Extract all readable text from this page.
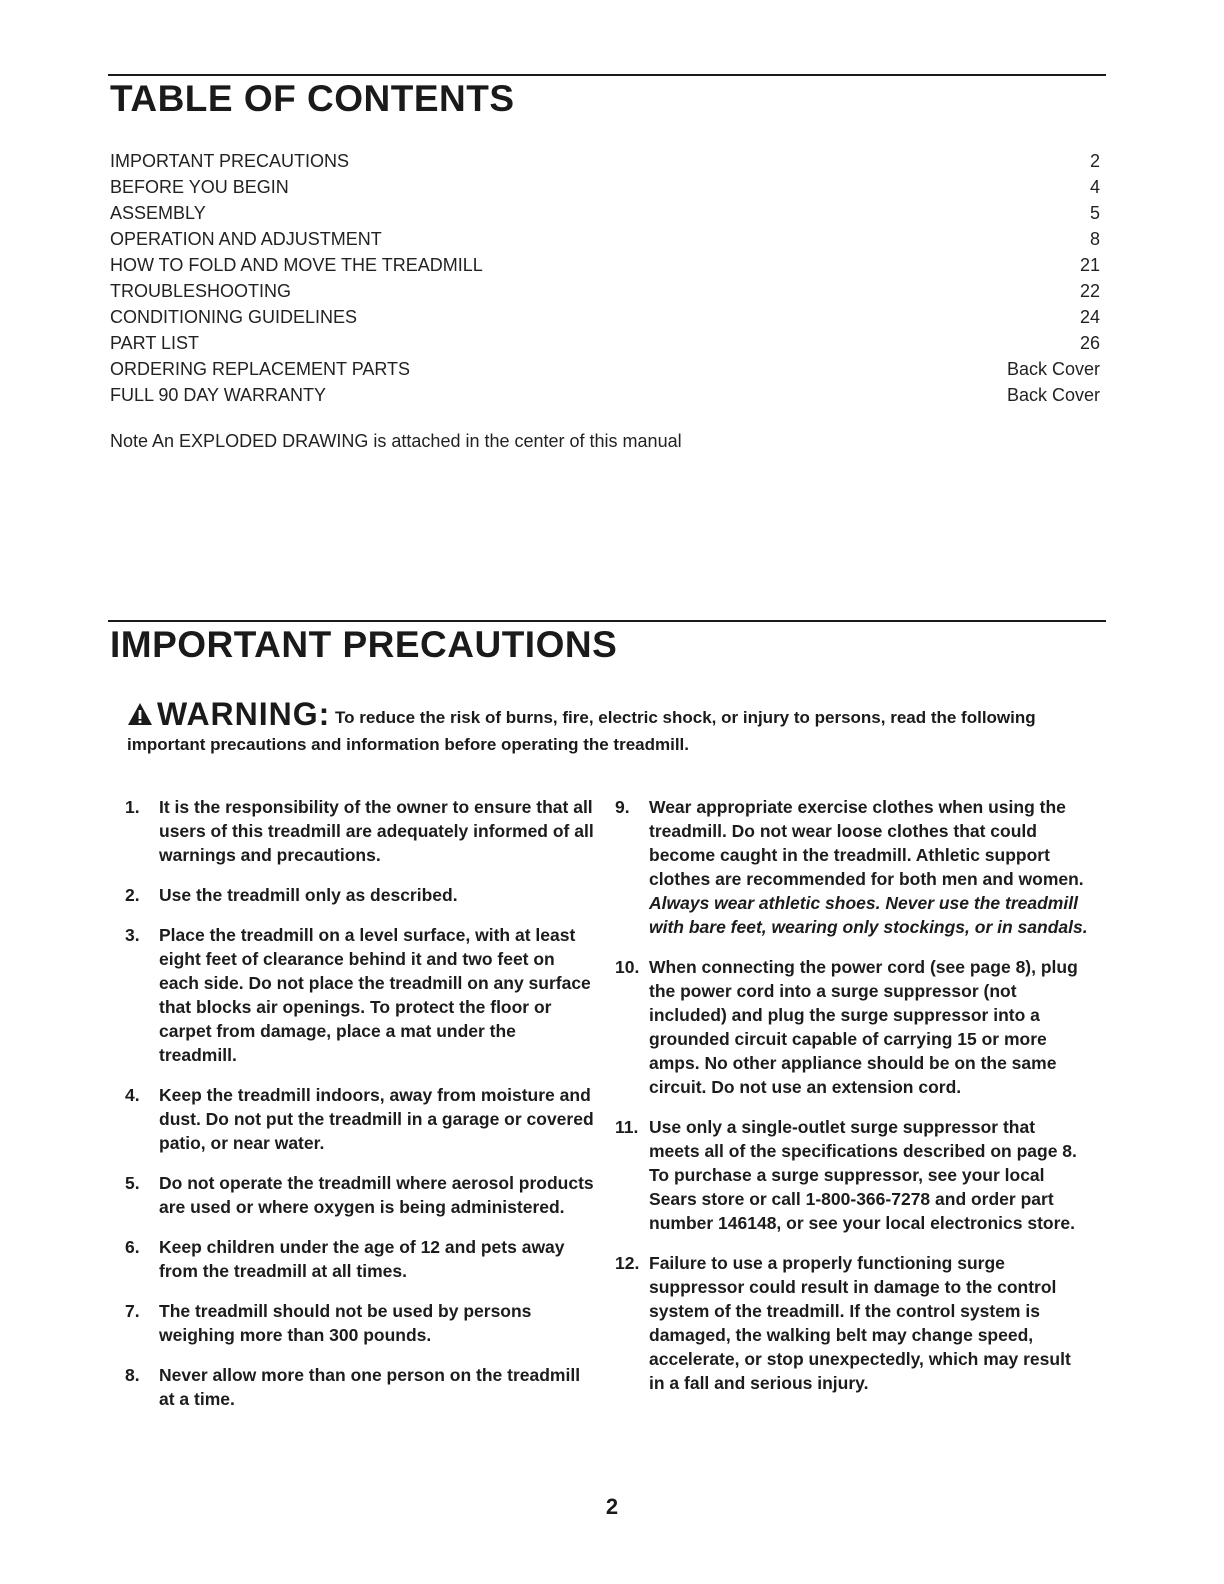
TABLE OF CONTENTS
IMPORTANT PRECAUTIONS	2
BEFORE YOU BEGIN	4
ASSEMBLY	5
OPERATION AND ADJUSTMENT	8
HOW TO FOLD AND MOVE THE TREADMILL	21
TROUBLESHOOTING	22
CONDITIONING GUIDELINES	24
PART LIST	26
ORDERING REPLACEMENT PARTS	Back Cover
FULL 90 DAY WARRANTY	Back Cover
Note An EXPLODED DRAWING is attached in the center of this manual
IMPORTANT PRECAUTIONS
WARNING: To reduce the risk of burns, fire, electric shock, or injury to persons, read the following important precautions and information before operating the treadmill.
1.	It is the responsibility of the owner to ensure that all users of this treadmill are adequately informed of all warnings and precautions.
2.	Use the treadmill only as described.
3.	Place the treadmill on a level surface, with at least eight feet of clearance behind it and two feet on each side. Do not place the treadmill on any surface that blocks air openings. To protect the floor or carpet from damage, place a mat under the treadmill.
4.	Keep the treadmill indoors, away from moisture and dust. Do not put the treadmill in a garage or covered patio, or near water.
5.	Do not operate the treadmill where aerosol products are used or where oxygen is being administered.
6.	Keep children under the age of 12 and pets away from the treadmill at all times.
7.	The treadmill should not be used by persons weighing more than 300 pounds.
8.	Never allow more than one person on the treadmill at a time.
9.	Wear appropriate exercise clothes when using the treadmill. Do not wear loose clothes that could become caught in the treadmill. Athletic support clothes are recommended for both men and women. Always wear athletic shoes. Never use the treadmill with bare feet, wearing only stockings, or in sandals.
10. When connecting the power cord (see page 8), plug the power cord into a surge suppressor (not included) and plug the surge suppressor into a grounded circuit capable of carrying 15 or more amps. No other appliance should be on the same circuit. Do not use an extension cord.
11. Use only a single-outlet surge suppressor that meets all of the specifications described on page 8. To purchase a surge suppressor, see your local Sears store or call 1-800-366-7278 and order part number 146148, or see your local electronics store.
12. Failure to use a properly functioning surge suppressor could result in damage to the control system of the treadmill. If the control system is damaged, the walking belt may change speed, accelerate, or stop unexpectedly, which may result in a fall and serious injury.
2
